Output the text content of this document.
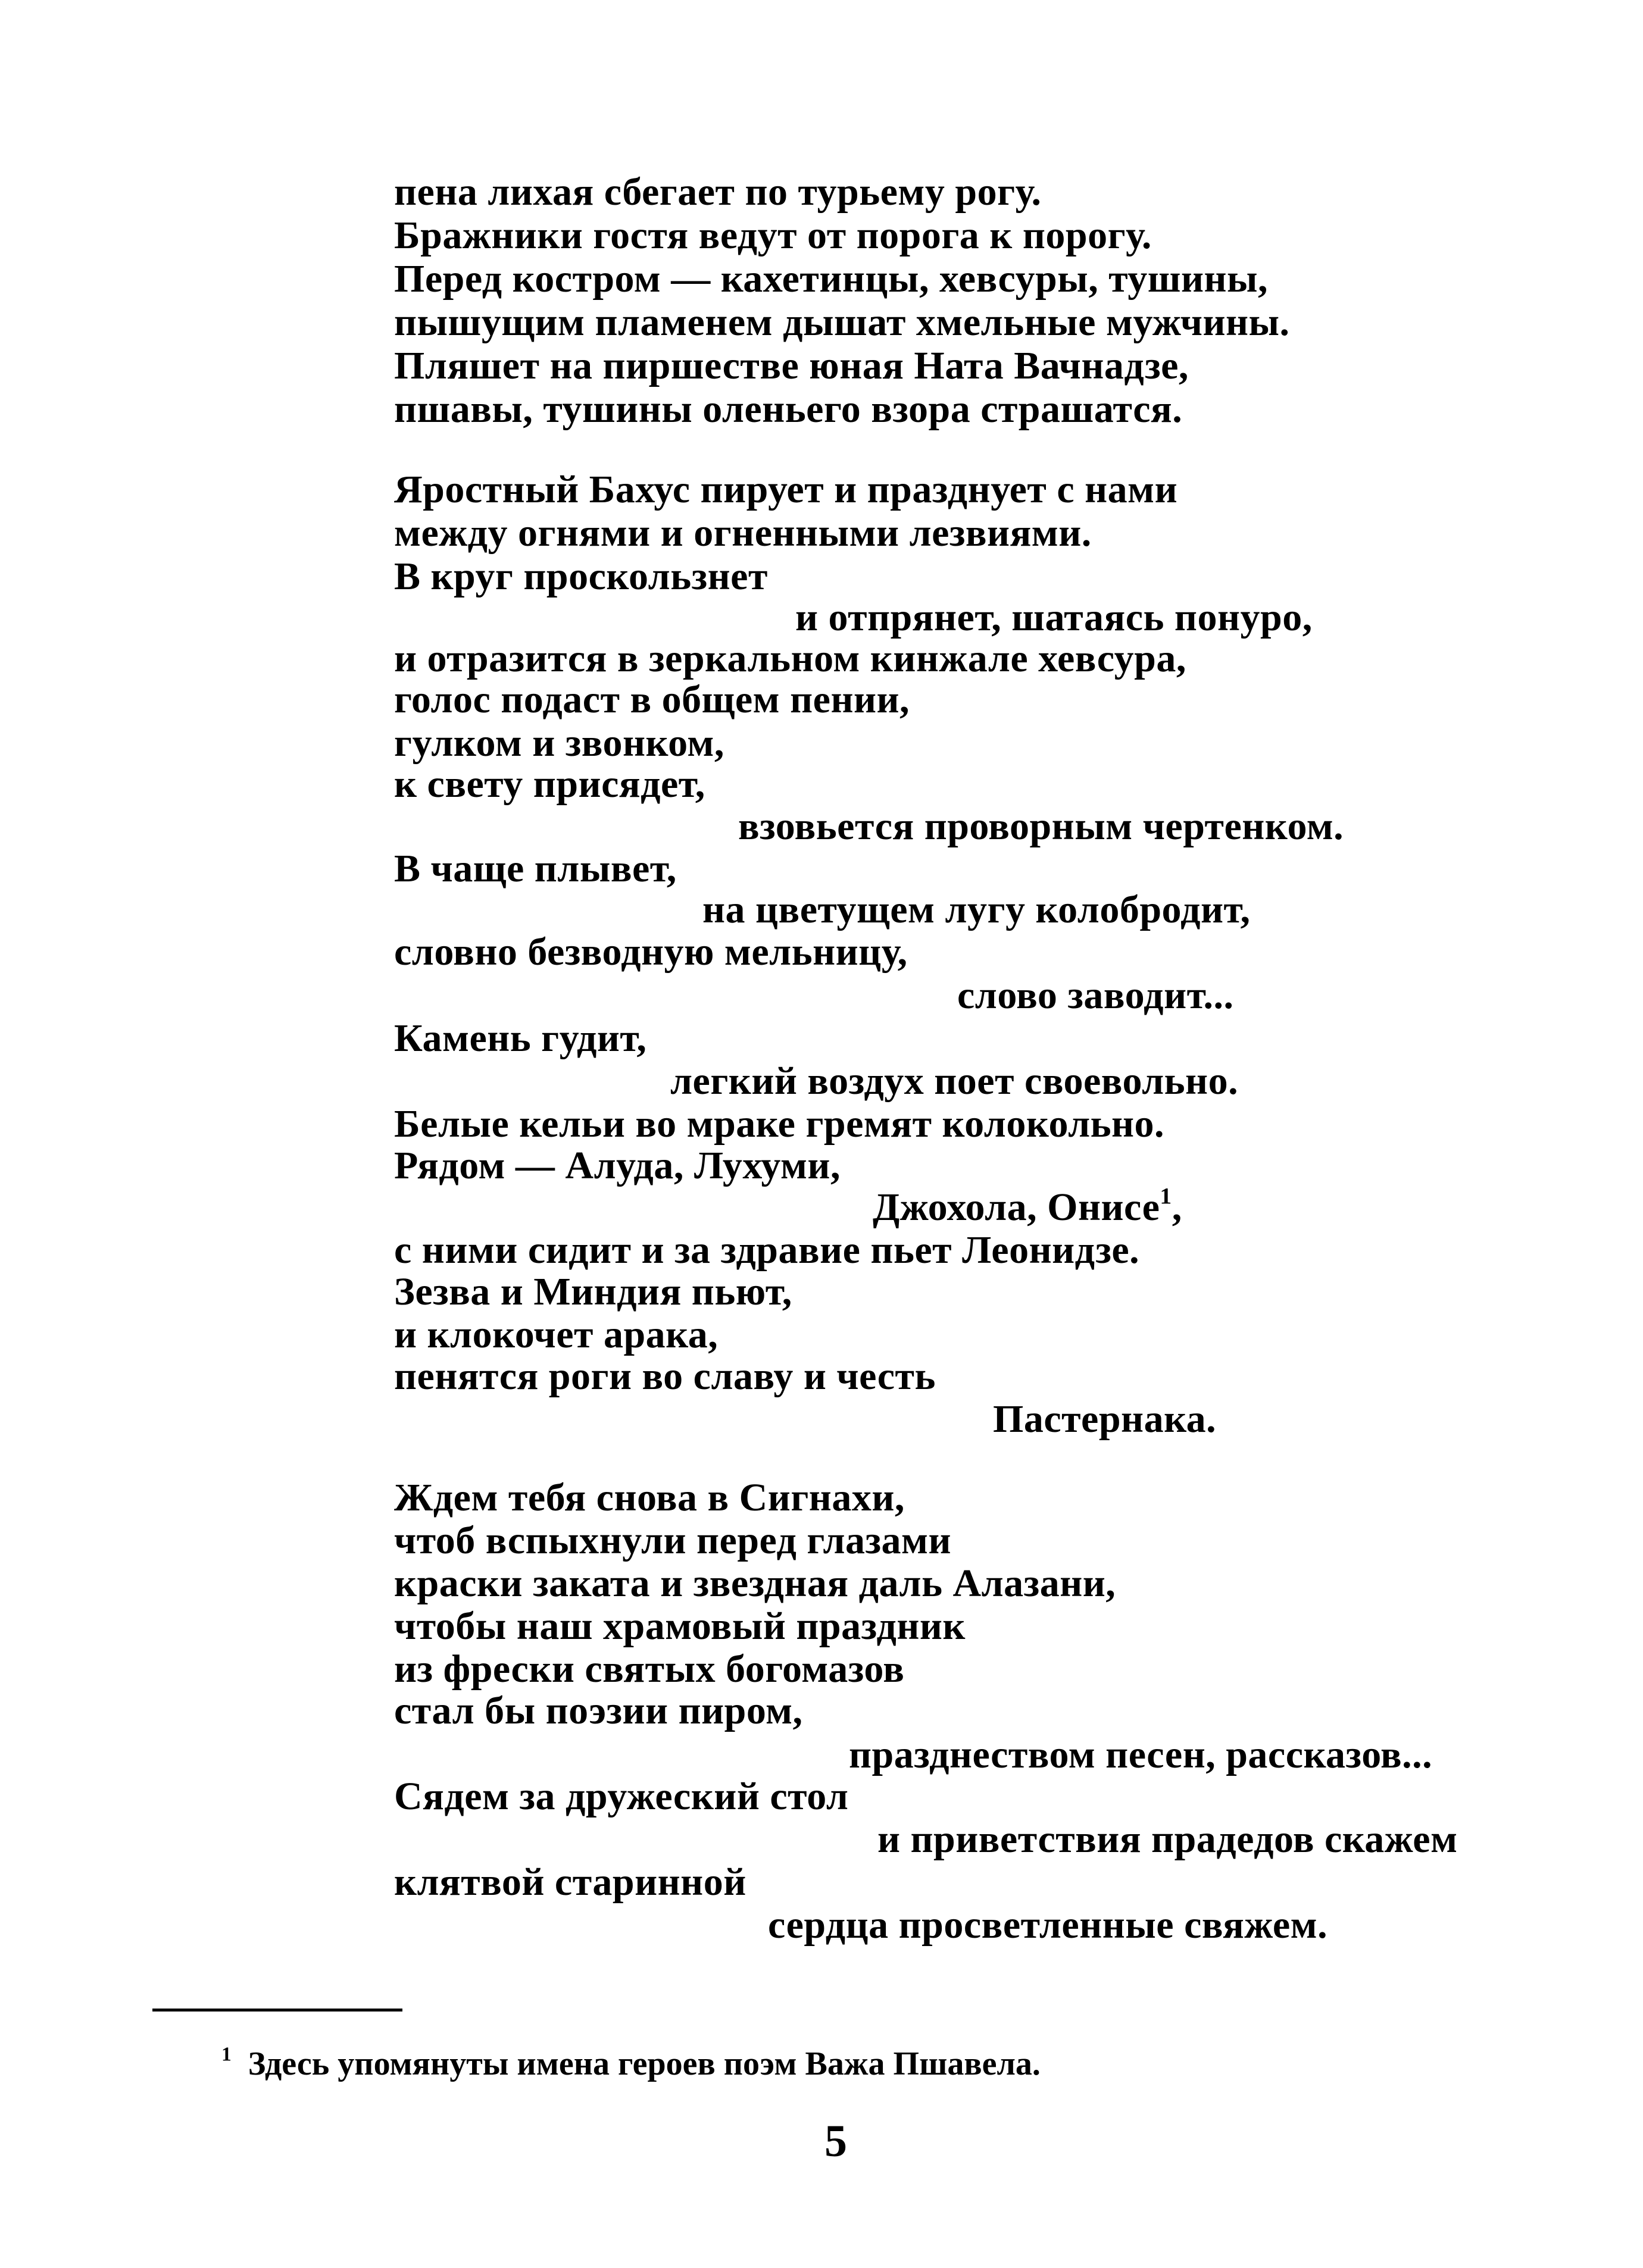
пена лихая сбегает по турьему рогу.
Бражники гостя ведут от порога к порогу.
Перед костром — кахетинцы, хевсуры, тушины,
пышущим пламенем дышат хмельные мужчины.
Пляшет на пиршестве юная Ната Вачнадзе,
пшавы, тушины оленьего взора страшатся.
Яростный Бахус пирует и празднует с нами
между огнями и огненными лезвиями.
В круг проскользнет
и отпрянет, шатаясь понуро,
и отразится в зеркальном кинжале хевсура,
голос подаст в общем пении,
гулком и звонком,
к свету присядет,
взовьется проворным чертенком.
В чаще плывет,
на цветущем лугу колобродит,
словно безводную мельницу,
слово заводит...
Камень гудит,
легкий воздух поет своевольно.
Белые кельи во мраке гремят колокольно.
Рядом — Алуда, Лухуми,
Джохола, Онисе$^1$,
с ними сидит и за здравие пьет Леонидзе.
Зезва и Миндия пьют,
и клокочет арака,
пенятся роги во славу и честь
Пастернака.
Ждем тебя снова в Сигнахи,
чтоб вспыхнули перед глазами
краски заката и звездная даль Алазани,
чтобы наш храмовый праздник
из фрески святых богомазов
стал бы поэзии пиром,
празднеством песен, рассказов...
Сядем за дружеский стол
и приветствия прадедов скажем
клятвой старинной
сердца просветленные свяжем.
$^1$ Здесь упомянуты имена героев поэм Важа Пшавела.
5
